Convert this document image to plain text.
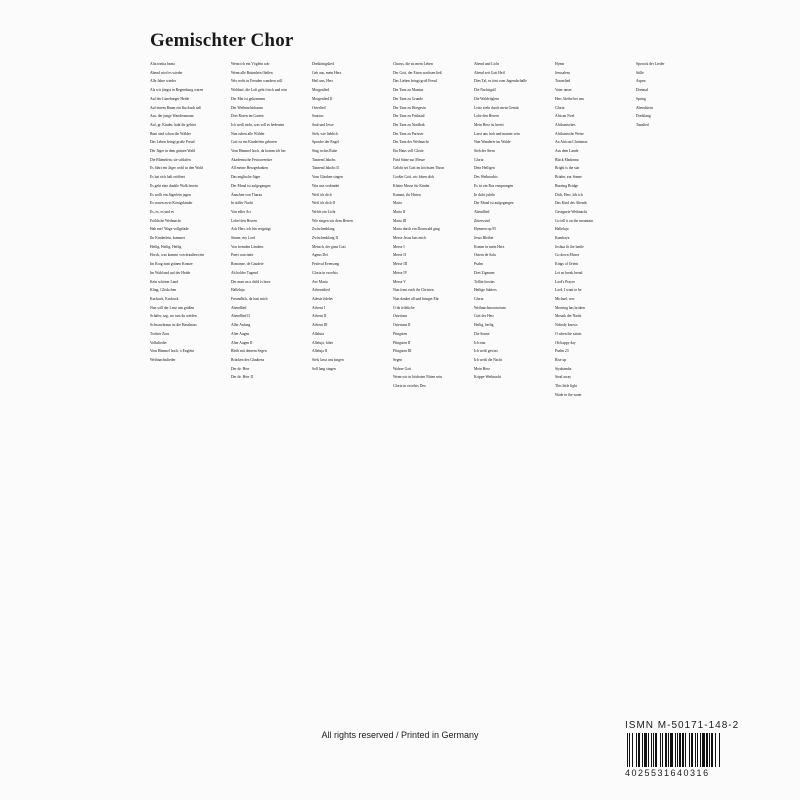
Gemischter Chor
Alta trinita beata
Abend wird es wieder
Alle Jahre wieder
Als wir jüngst in Regensburg waren
Auf der Lüneburger Heide
Auf einem Baum ein Kuckuck saß
Aus, der junge Wandersmann
Auf, gr. Kinder, habt ihr gehört
Bunt sind schon die Wälder
Das Leben bringt große Freud
Der Jäger in dem grünen Wald
Die Blümelein, sie schlafen
Es führt ein Jäger wohl in den Wald
Es hat sich halt eröffnet
Es geht eine dunkle Wolk herein
Es wollt ein Jägerlein jagen
Es waren zwei Königskinder
Es, es, es und es
Fröhliche Weihnacht
Hab mei' Wage vollgelade
Ihr Kinderlein, kommet
Heilig, Heilig, Heilig
Horch, was kommt von draußen rein
Im Krug zum grünen Kranze
Im Wald und auf der Heide
Kein schöner Land
Kling, Glöckchen
Kuckuck, Kuckuck
Nun will der Lenz uns grüßen
Schäfer, sag, wo tust du weiden
Schwarzbraun ist die Haselnuss
Tochter Zion
Volkslieder
Vom Himmel hoch, o Englein
Weihnachtslieder
Wenn ich ein Vöglein wär
Wenn alle Brünnlein fließen
Wer recht in Freuden wandern will
Wohlauf, die Luft geht frisch und rein
Der Mai ist gekommen
Der Weihnachtsbaum
Drei Rosen im Garten
Ich weiß nicht, was soll es bedeuten
Nun ruhen alle Wälder
Gott ist ein Kinderlein geboren
Vom Himmel hoch, da komm ich her
Akademische Festouvertüre
All meine Herzgedanken
Das englische Jäger
Der Mond ist aufgegangen
Ännchen von Tharau
In stiller Nacht
Von edler Art
Lobet den Herren
Ach Herr, ich bin vergnügt
Sinner, my Lord
Von fremden Ländern
Pueri concinite
Romanze, de Gaudete
Ah holder Tugend
Der man on a child is born
Halleluja
Freundlich, da hast mich
Abendlied
Abendlied II
Aller Anfang
Alter Augen
Alter Augen II
Bleib mit deinem Segen
Brücken des Glaubens
Der de. Herr
Der de. Herr II
Dreikönigslied
Geh aus, mein Herz
Heil uns, Herr
Morgenlied
Morgenlied II
Osterlied
Sanctus
Saul und Jesse
Sieh, wie lieblich
Sprache der Engel
Sing in das Ruhe
Tanzend Jakobs
Tanzend Jakobs II
Vom Glauben singen
Was uns verbindet
Weil ich dich
Weil ich dich II
Welch ein Licht
Wie singen wir dem Herren
Zwischenklang
Zwischenklang II
Mensch, der ganz Gott
Agnus Dei
Festival Evensong
Gloria in excelsis
Ave Maria
Adventslied
Adeste fideles
Advent I
Advent II
Advent III
Alleluia
Alleluja, lobet
Alleluja II
Sieh, lasst uns singen
Soll lang singen
Chorus, die zu mein Leben
Der Gott, der Eisen wachsen ließ
Das Lieben bringt groß Freud
Der Tanz zu Mantua
Der Tanz zu Grunde
Der Tanz zu Hoegesin
Der Tanz zu Frühsaal
Der Tanz zu Nordbak
Der Tanz zu Parisser
Der Tanz der Weihnacht
Ein Haus voll Glorie
Fünf Sätze zur Messe
Gelobt sei Gott im höchsten Thron
Großer Gott, wir loben dich
Kleine Messe für Kinder
Kommt, ihr Hirten
Maria
Maria II
Maria III
Maria durch ein Dornwald ging
Messe Jesus lass mich
Messe I
Messe II
Messe III
Messe IV
Messe V
Nun freut euch ihr Christen
Nun danket all und bringet Ehr
O du fröhliche
Ostertanz
Ostertanz II
Pfingsten
Pfingsten II
Pfingsten III
Segen
Wahrer Gott
Wenn wir in höchsten Nöten sein
Gloria in excelsis Deo
Abend und Licht
Abend seit Gott Heil
Dies Tal, es tönt vom Jugendschalle
Die Nachtigall
Die Waldvöglein
Leise zieht durch mein Gemüt
Lobe den Herren
Mein Herz ist bereit
Lasst uns froh und munter sein
Nun Wanderer im Walde
Sieh der Stern
Gloria
Dein Heiligen
Des Weihnachts
Es ist ein Ros entsprungen
In dulci jubilo
Der Mond ist aufgegangen
Abendlied
Zitterwind
Hymnen op.95
Jesus Bleibet
Komm in mein Herz
Ostern de Salu
Psalm
Drei Zigeuner
Tollite hostias
Heilige Sabiers
Gloria
Weihnachtsoratorium
Gott der Herr
Heilig, heilig
Die Sonne
Ich trau
Ich weiß gewiss
Ich weiß die Nacht
Mein Herz
Krippe-Weihnacht
Hymn
Jerusalem
Trauerlied
Vater unser
Herr, bleibe bei uns
Gloria
African Noel
Afrikanisches
Afrikanische Weise
An African Christmas
Aus dem Lande
Black Madonna
Bright is the star
Brüder, zur Sonne
Burning Bridge
Dich, Herr, lob ich
Das Kind des Abends
Gesegnete Weihnacht
Go tell it on the mountain
Halleluja
Kumbaya
Joshua fit the battle
Go down Moses
Kings of Orient
Let us break bread
Lord's Prayer
Lord, I want to be
Michael, row
Morning has broken
Mosaik der Nacht
Nobody knows
O when the saints
Oh happy day
Psalm 23
Rise up
Siyahamba
Steal away
This little light
Wade in the water
Sporock der Lieder
Stille
Aspen
Dreimal
Spring
Abendstern
Dreiklang
Tanzlied

All rights reserved / Printed in Germany

ISMN M-50171-148-2

4025531640316
